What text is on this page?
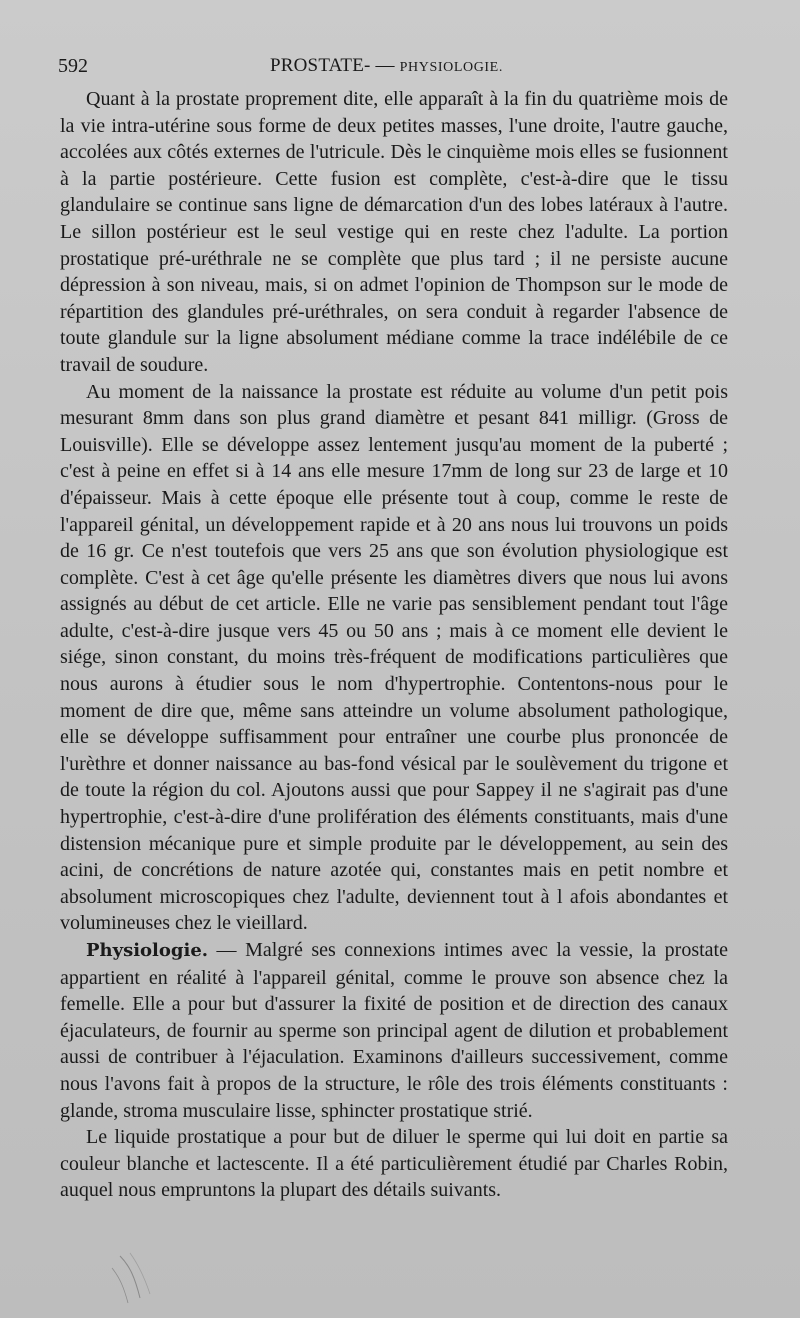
592	PROSTATE- — PHYSIOLOGIE.

Quant à la prostate proprement dite, elle apparaît à la fin du quatrième mois de la vie intra-utérine sous forme de deux petites masses, l'une droite, l'autre gauche, accolées aux côtés externes de l'utricule. Dès le cinquième mois elles se fusionnent à la partie postérieure. Cette fusion est complète, c'est-à-dire que le tissu glandulaire se continue sans ligne de démarcation d'un des lobes latéraux à l'autre. Le sillon postérieur est le seul vestige qui en reste chez l'adulte. La portion prostatique pré-uréthrale ne se complète que plus tard ; il ne persiste aucune dépression à son niveau, mais, si on admet l'opinion de Thompson sur le mode de répartition des glandules pré-uréthrales, on sera conduit à regarder l'absence de toute glandule sur la ligne absolument médiane comme la trace indélébile de ce travail de soudure.

Au moment de la naissance la prostate est réduite au volume d'un petit pois mesurant 8mm dans son plus grand diamètre et pesant 841 milligr. (Gross de Louisville). Elle se développe assez lentement jusqu'au moment de la puberté ; c'est à peine en effet si à 14 ans elle mesure 17mm de long sur 23 de large et 10 d'épaisseur. Mais à cette époque elle présente tout à coup, comme le reste de l'appareil génital, un développement rapide et à 20 ans nous lui trouvons un poids de 16 gr. Ce n'est toutefois que vers 25 ans que son évolution physiologique est complète. C'est à cet âge qu'elle présente les diamètres divers que nous lui avons assignés au début de cet article. Elle ne varie pas sensiblement pendant tout l'âge adulte, c'est-à-dire jusque vers 45 ou 50 ans ; mais à ce moment elle devient le siége, sinon constant, du moins très-fréquent de modifications particulières que nous aurons à étudier sous le nom d'hypertrophie. Contentons-nous pour le moment de dire que, même sans atteindre un volume absolument pathologique, elle se développe suffisamment pour entraîner une courbe plus prononcée de l'urèthre et donner naissance au bas-fond vésical par le soulèvement du trigone et de toute la région du col. Ajoutons aussi que pour Sappey il ne s'agirait pas d'une hypertrophie, c'est-à-dire d'une prolifération des éléments constituants, mais d'une distension mécanique pure et simple produite par le développement, au sein des acini, de concrétions de nature azotée qui, constantes mais en petit nombre et absolument microscopiques chez l'adulte, deviennent tout à l afois abondantes et volumineuses chez le vieillard.

Physiologie. — Malgré ses connexions intimes avec la vessie, la prostate appartient en réalité à l'appareil génital, comme le prouve son absence chez la femelle. Elle a pour but d'assurer la fixité de position et de direction des canaux éjaculateurs, de fournir au sperme son principal agent de dilution et probablement aussi de contribuer à l'éjaculation. Examinons d'ailleurs successivement, comme nous l'avons fait à propos de la structure, le rôle des trois éléments constituants : glande, stroma musculaire lisse, sphincter prostatique strié.

Le liquide prostatique a pour but de diluer le sperme qui lui doit en partie sa couleur blanche et lactescente. Il a été particulièrement étudié par Charles Robin, auquel nous empruntons la plupart des détails suivants.
